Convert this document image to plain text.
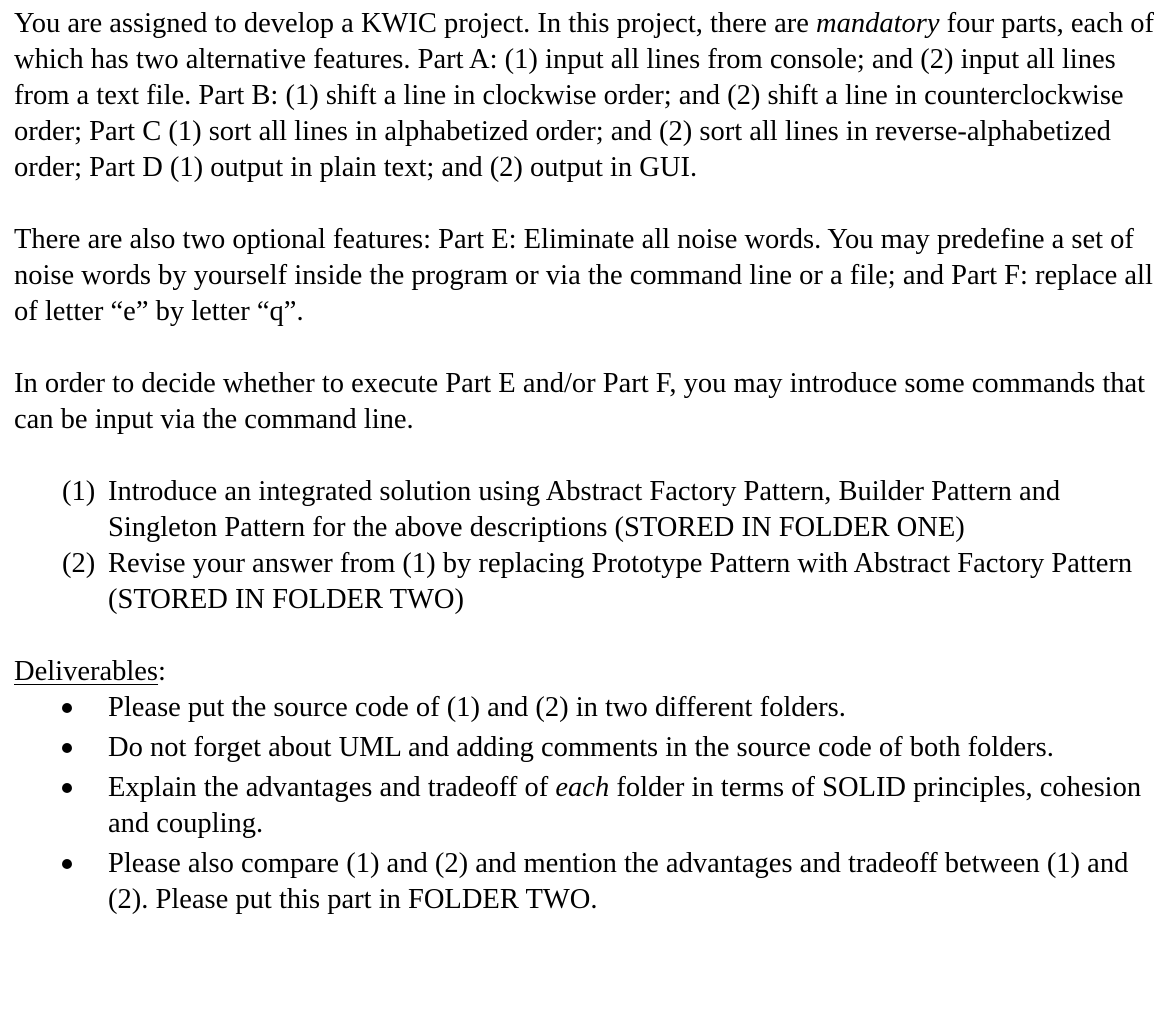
You are assigned to develop a KWIC project. In this project, there are mandatory four parts, each of which has two alternative features. Part A: (1) input all lines from console; and (2) input all lines from a text file. Part B: (1) shift a line in clockwise order; and (2) shift a line in counterclockwise order; Part C (1) sort all lines in alphabetized order; and (2) sort all lines in reverse-alphabetized order; Part D (1) output in plain text; and (2) output in GUI.

There are also two optional features: Part E: Eliminate all noise words. You may predefine a set of noise words by yourself inside the program or via the command line or a file; and Part F: replace all of letter “e” by letter “q”.

In order to decide whether to execute Part E and/or Part F, you may introduce some commands that can be input via the command line.

(1) Introduce an integrated solution using Abstract Factory Pattern, Builder Pattern and Singleton Pattern for the above descriptions (STORED IN FOLDER ONE)
(2) Revise your answer from (1) by replacing Prototype Pattern with Abstract Factory Pattern (STORED IN FOLDER TWO)

Deliverables:

Please put the source code of (1) and (2) in two different folders.
Do not forget about UML and adding comments in the source code of both folders.
Explain the advantages and tradeoff of each folder in terms of SOLID principles, cohesion and coupling.
Please also compare (1) and (2) and mention the advantages and tradeoff between (1) and (2). Please put this part in FOLDER TWO.
